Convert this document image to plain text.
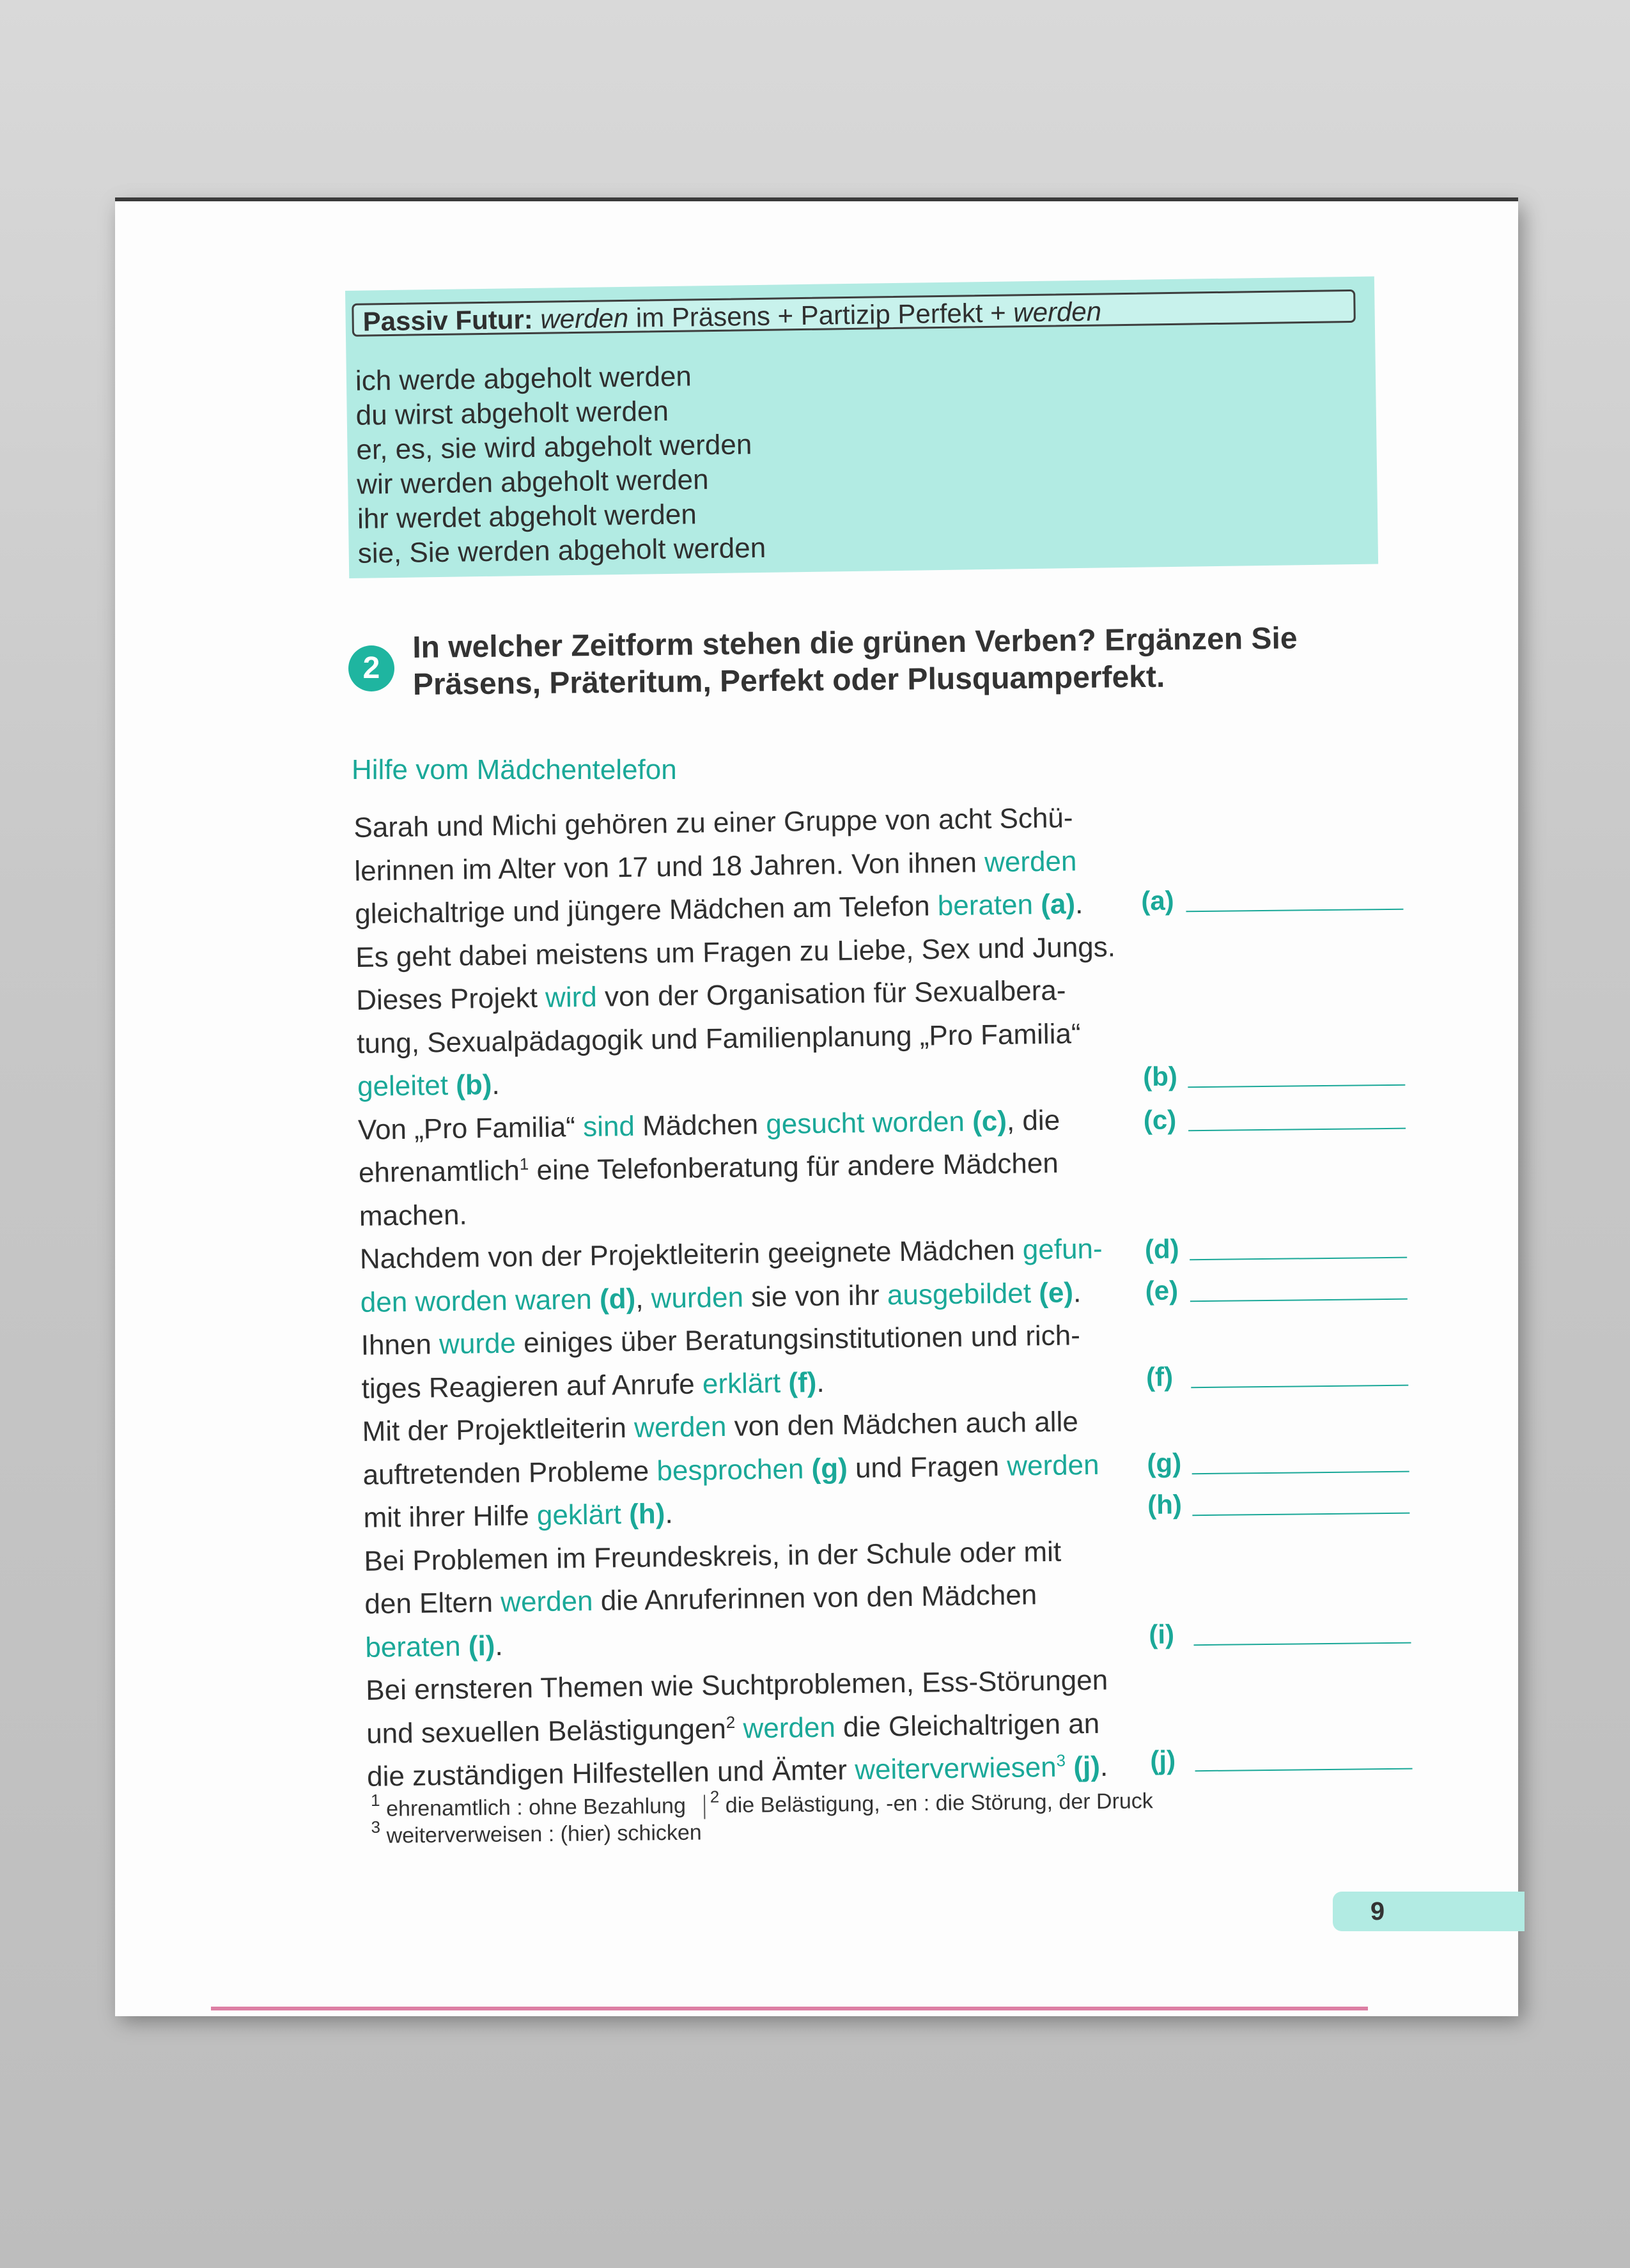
Passiv Futur: werden im Präsens + Partizip Perfekt + werden
ich werde abgeholt werden
du wirst abgeholt werden
er, es, sie wird abgeholt werden
wir werden abgeholt werden
ihr werdet abgeholt werden
sie, Sie werden abgeholt werden
2
In welcher Zeitform stehen die grünen Verben? Ergänzen Sie Präsens, Präteritum, Perfekt oder Plusquamperfekt.
Hilfe vom Mädchentelefon
Sarah und Michi gehören zu einer Gruppe von acht Schü-
lerinnen im Alter von 17 und 18 Jahren. Von ihnen werden
gleichaltrige und jüngere Mädchen am Telefon beraten (a).
Es geht dabei meistens um Fragen zu Liebe, Sex und Jungs.
Dieses Projekt wird von der Organisation für Sexualbera-
tung, Sexualpädagogik und Familienplanung „Pro Familia“
geleitet (b).
Von „Pro Familia“ sind Mädchen gesucht worden (c), die
ehrenamtlich$^1$ eine Telefonberatung für andere Mädchen
machen.
Nachdem von der Projektleiterin geeignete Mädchen gefun-
den worden waren (d), wurden sie von ihr ausgebildet (e).
Ihnen wurde einiges über Beratungsinstitutionen und rich-
tiges Reagieren auf Anrufe erklärt (f).
Mit der Projektleiterin werden von den Mädchen auch alle
auftretenden Probleme besprochen (g) und Fragen werden
mit ihrer Hilfe geklärt (h).
Bei Problemen im Freundeskreis, in der Schule oder mit
den Eltern werden die Anruferinnen von den Mädchen
beraten (i).
Bei ernsteren Themen wie Suchtproblemen, Ess-Störungen
und sexuellen Belästigungen$^2$ werden die Gleichaltrigen an
die zuständigen Hilfestellen und Ämter weiterverwiesen$^3$ (j).
(a)
(b)
(c)
(d)
(e)
(f)
(g)
(h)
(i)
(j)
$^1$ ehrenamtlich : ohne Bezahlung $^2$ die Belästigung, -en : die Störung, der Druck
$^3$ weiterverweisen : (hier) schicken
9
